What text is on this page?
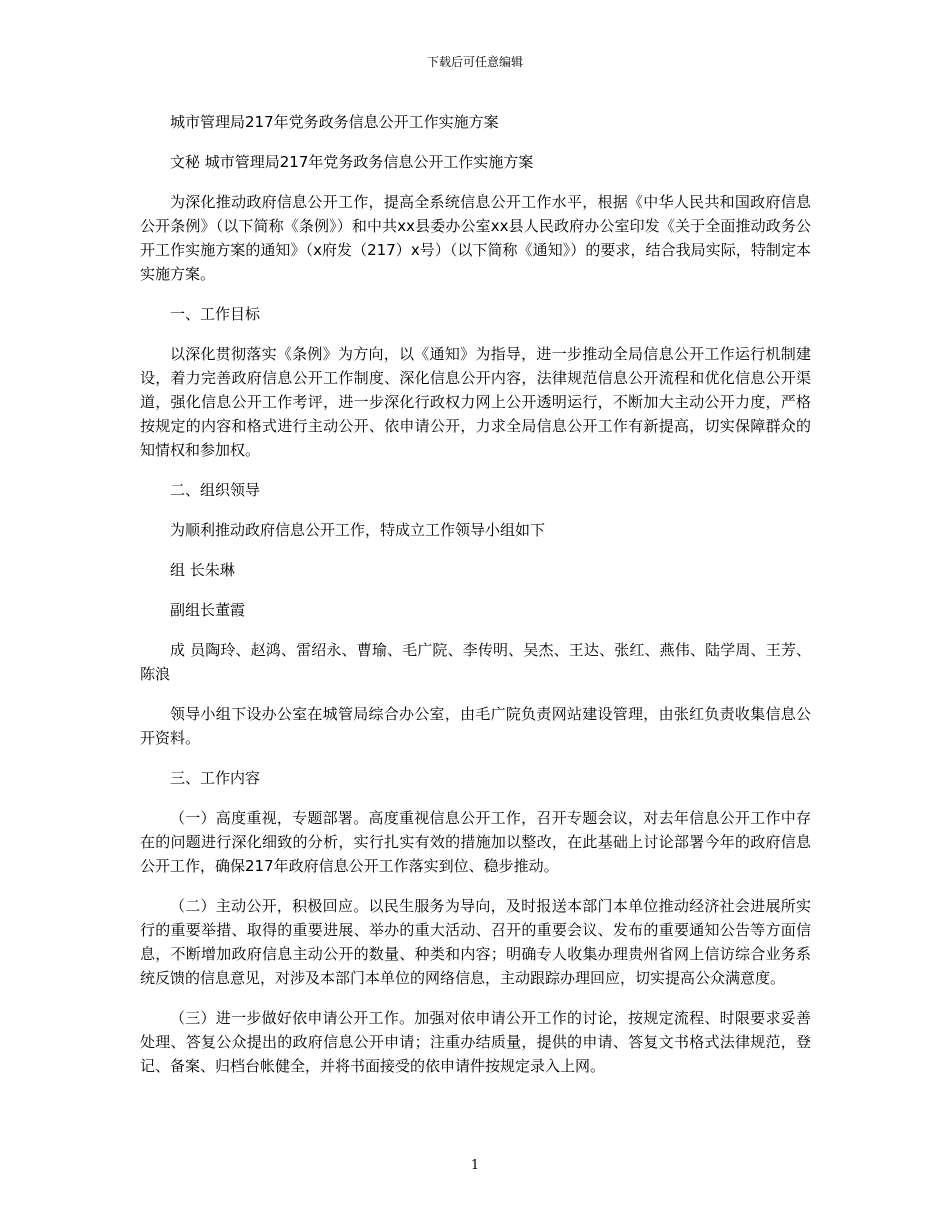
下载后可任意编辑

城市管理局217年党务政务信息公开工作实施方案

文秘 城市管理局217年党务政务信息公开工作实施方案

为深化推动政府信息公开工作，提高全系统信息公开工作水平，根据《中华人民共和国政府信息公开条例》（以下简称《条例》）和中共xx县委办公室xx县人民政府办公室印发《关于全面推动政务公开工作实施方案的通知》（x府发（217）x号）（以下简称《通知》）的要求，结合我局实际，特制定本实施方案。

一、工作目标

以深化贯彻落实《条例》为方向，以《通知》为指导，进一步推动全局信息公开工作运行机制建设，着力完善政府信息公开工作制度、深化信息公开内容，法律规范信息公开流程和优化信息公开渠道，强化信息公开工作考评，进一步深化行政权力网上公开透明运行，不断加大主动公开力度，严格按规定的内容和格式进行主动公开、依申请公开，力求全局信息公开工作有新提高，切实保障群众的知情权和参加权。

二、组织领导

为顺利推动政府信息公开工作，特成立工作领导小组如下

组 长朱琳

副组长董霞

成 员陶玲、赵鸿、雷绍永、曹瑜、毛广院、李传明、吴杰、王达、张红、燕伟、陆学周、王芳、陈浪

领导小组下设办公室在城管局综合办公室，由毛广院负责网站建设管理，由张红负责收集信息公开资料。

三、工作内容

（一）高度重视，专题部署。高度重视信息公开工作，召开专题会议，对去年信息公开工作中存在的问题进行深化细致的分析，实行扎实有效的措施加以整改，在此基础上讨论部署今年的政府信息公开工作，确保217年政府信息公开工作落实到位、稳步推动。

（二）主动公开，积极回应。以民生服务为导向，及时报送本部门本单位推动经济社会进展所实行的重要举措、取得的重要进展、举办的重大活动、召开的重要会议、发布的重要通知公告等方面信息，不断增加政府信息主动公开的数量、种类和内容；明确专人收集办理贵州省网上信访综合业务系统反馈的信息意见，对涉及本部门本单位的网络信息，主动跟踪办理回应，切实提高公众满意度。

（三）进一步做好依申请公开工作。加强对依申请公开工作的讨论，按规定流程、时限要求妥善处理、答复公众提出的政府信息公开申请；注重办结质量，提供的申请、答复文书格式法律规范，登记、备案、归档台帐健全，并将书面接受的依申请件按规定录入上网。

1
